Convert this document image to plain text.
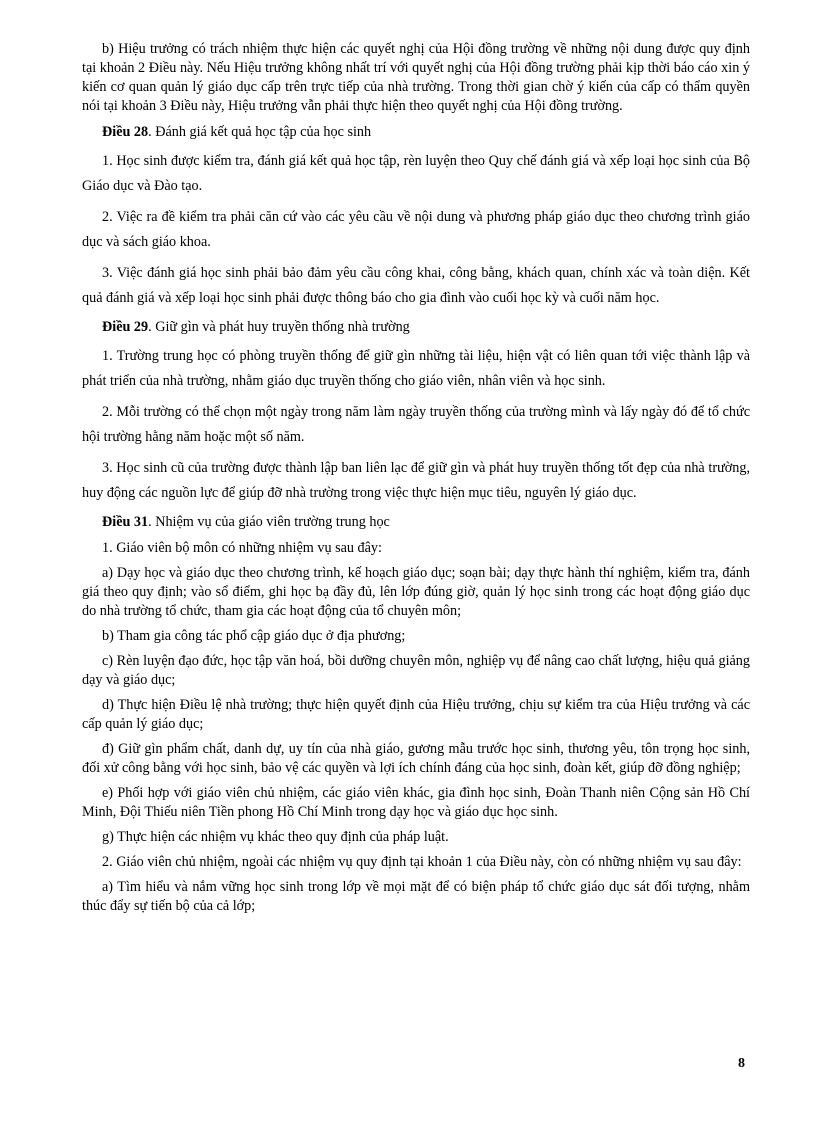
b) Hiệu trưởng có trách nhiệm thực hiện các quyết nghị của Hội đồng trường về những nội dung được quy định tại khoản 2 Điều này. Nếu Hiệu trưởng không nhất trí với quyết nghị của Hội đồng trường phải kịp thời báo cáo xin ý kiến cơ quan quản lý giáo dục cấp trên trực tiếp của nhà trường. Trong thời gian chờ ý kiến của cấp có thẩm quyền nói tại khoản 3 Điều này, Hiệu trưởng vẫn phải thực hiện theo quyết nghị của Hội đồng trường.

Điều 28. Đánh giá kết quả học tập của học sinh

1. Học sinh được kiểm tra, đánh giá kết quả học tập, rèn luyện theo Quy chế đánh giá và xếp loại học sinh của Bộ Giáo dục và Đào tạo.

2. Việc ra đề kiểm tra phải căn cứ vào các yêu cầu về nội dung và phương pháp giáo dục theo chương trình giáo dục và sách giáo khoa.

3. Việc đánh giá học sinh phải bảo đảm yêu cầu công khai, công bằng, khách quan, chính xác và toàn diện. Kết quả đánh giá và xếp loại học sinh phải được thông báo cho gia đình vào cuối học kỳ và cuối năm học.

Điều 29. Giữ gìn và phát huy truyền thống nhà trường

1. Trường trung học có phòng truyền thống để giữ gìn những tài liệu, hiện vật có liên quan tới việc thành lập và phát triển của nhà trường, nhằm giáo dục truyền thống cho giáo viên, nhân viên và học sinh.

2. Mỗi trường có thể chọn một ngày trong năm làm ngày truyền thống của trường mình và lấy ngày đó để tổ chức hội trường hằng năm hoặc một số năm.

3. Học sinh cũ của trường được thành lập ban liên lạc để giữ gìn và phát huy truyền thống tốt đẹp của nhà trường, huy động các nguồn lực để giúp đỡ nhà trường trong việc thực hiện mục tiêu, nguyên lý giáo dục.

Điều 31. Nhiệm vụ của giáo viên trường trung học

1. Giáo viên bộ môn có những nhiệm vụ sau đây:

a) Dạy học và giáo dục theo chương trình, kế hoạch giáo dục; soạn bài; dạy thực hành thí nghiệm, kiểm tra, đánh giá theo quy định; vào sổ điểm, ghi học bạ đầy đủ, lên lớp đúng giờ, quản lý học sinh trong các hoạt động giáo dục do nhà trường tổ chức, tham gia các hoạt động của tổ chuyên môn;

b) Tham gia công tác phổ cập giáo dục ở địa phương;

c) Rèn luyện đạo đức, học tập văn hoá, bồi dưỡng chuyên môn, nghiệp vụ để nâng cao chất lượng, hiệu quả giảng dạy và giáo dục;

d) Thực hiện Điều lệ nhà trường; thực hiện quyết định của Hiệu trưởng, chịu sự kiểm tra của Hiệu trưởng và các cấp quản lý giáo dục;

đ) Giữ gìn phẩm chất, danh dự, uy tín của nhà giáo, gương mẫu trước học sinh, thương yêu, tôn trọng học sinh, đối xử công bằng với học sinh, bảo vệ các quyền và lợi ích chính đáng của học sinh, đoàn kết, giúp đỡ đồng nghiệp;

e) Phối hợp với giáo viên chủ nhiệm, các giáo viên khác, gia đình học sinh, Đoàn Thanh niên Cộng sản Hồ Chí Minh, Đội Thiếu niên Tiền phong Hồ Chí Minh trong dạy học và giáo dục học sinh.

g) Thực hiện các nhiệm vụ khác theo quy định của pháp luật.

2. Giáo viên chủ nhiệm, ngoài các nhiệm vụ quy định tại khoản 1 của Điều này, còn có những nhiệm vụ sau đây:

a) Tìm hiểu và nắm vững học sinh trong lớp về mọi mặt để có biện pháp tổ chức giáo dục sát đối tượng, nhằm thúc đẩy sự tiến bộ của cả lớp;

8
